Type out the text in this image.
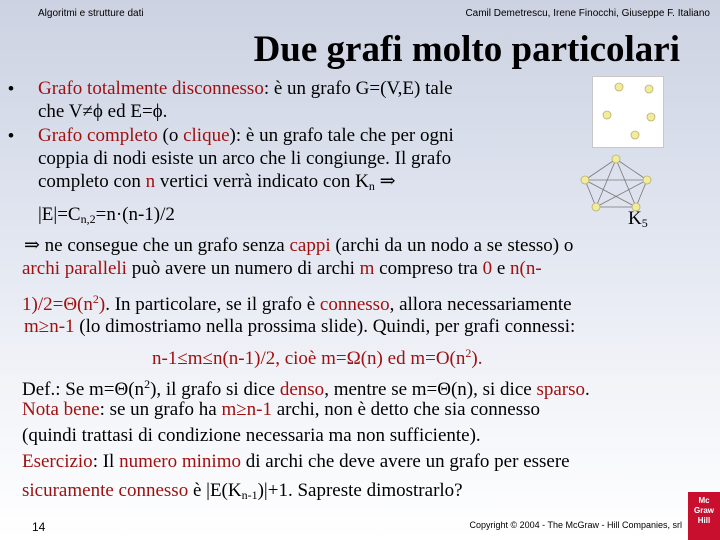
Algoritmi e strutture dati	Camil Demetrescu, Irene Finocchi, Giuseppe F. Italiano
Due grafi molto particolari
• Grafo totalmente disconnesso: è un grafo G=(V,E) tale
che V≠ϕ ed E=ϕ.
• Grafo completo (o clique): è un grafo tale che per ogni
coppia di nodi esiste un arco che li congiunge. Il grafo
completo con n vertici verrà indicato con $K_n$ ⇒
$|E|=C_{n,2}=n\cdot(n-1)/2$
⇒ ne consegue che un grafo senza cappi (archi da un nodo a se stesso) o
archi paralleli può avere un numero di archi m compreso tra 0 e n(n-
$1)/2=\Theta(n^2)$. In particolare, se il grafo è connesso, allora necessariamente
m≥n-1 (lo dimostriamo nella prossima slide). Quindi, per grafi connessi:
n-1≤m≤n(n-1)/2, cioè m=Ω(n) ed $m=O(n^2)$.
Def.: Se $m=\Theta(n^2)$, il grafo si dice denso, mentre se m=Θ(n), si dice sparso.
Nota bene: se un grafo ha m≥n-1 archi, non è detto che sia connesso
(quindi trattasi di condizione necessaria ma non sufficiente).
Esercizio: Il numero minimo di archi che deve avere un grafo per essere
sicuramente connesso è $|E(K_{n-1})|+1$. Sapreste dimostrarlo?
$K_5$
14	Copyright © 2004 - The McGraw - Hill Companies, srl
Mc
Graw
Hill
